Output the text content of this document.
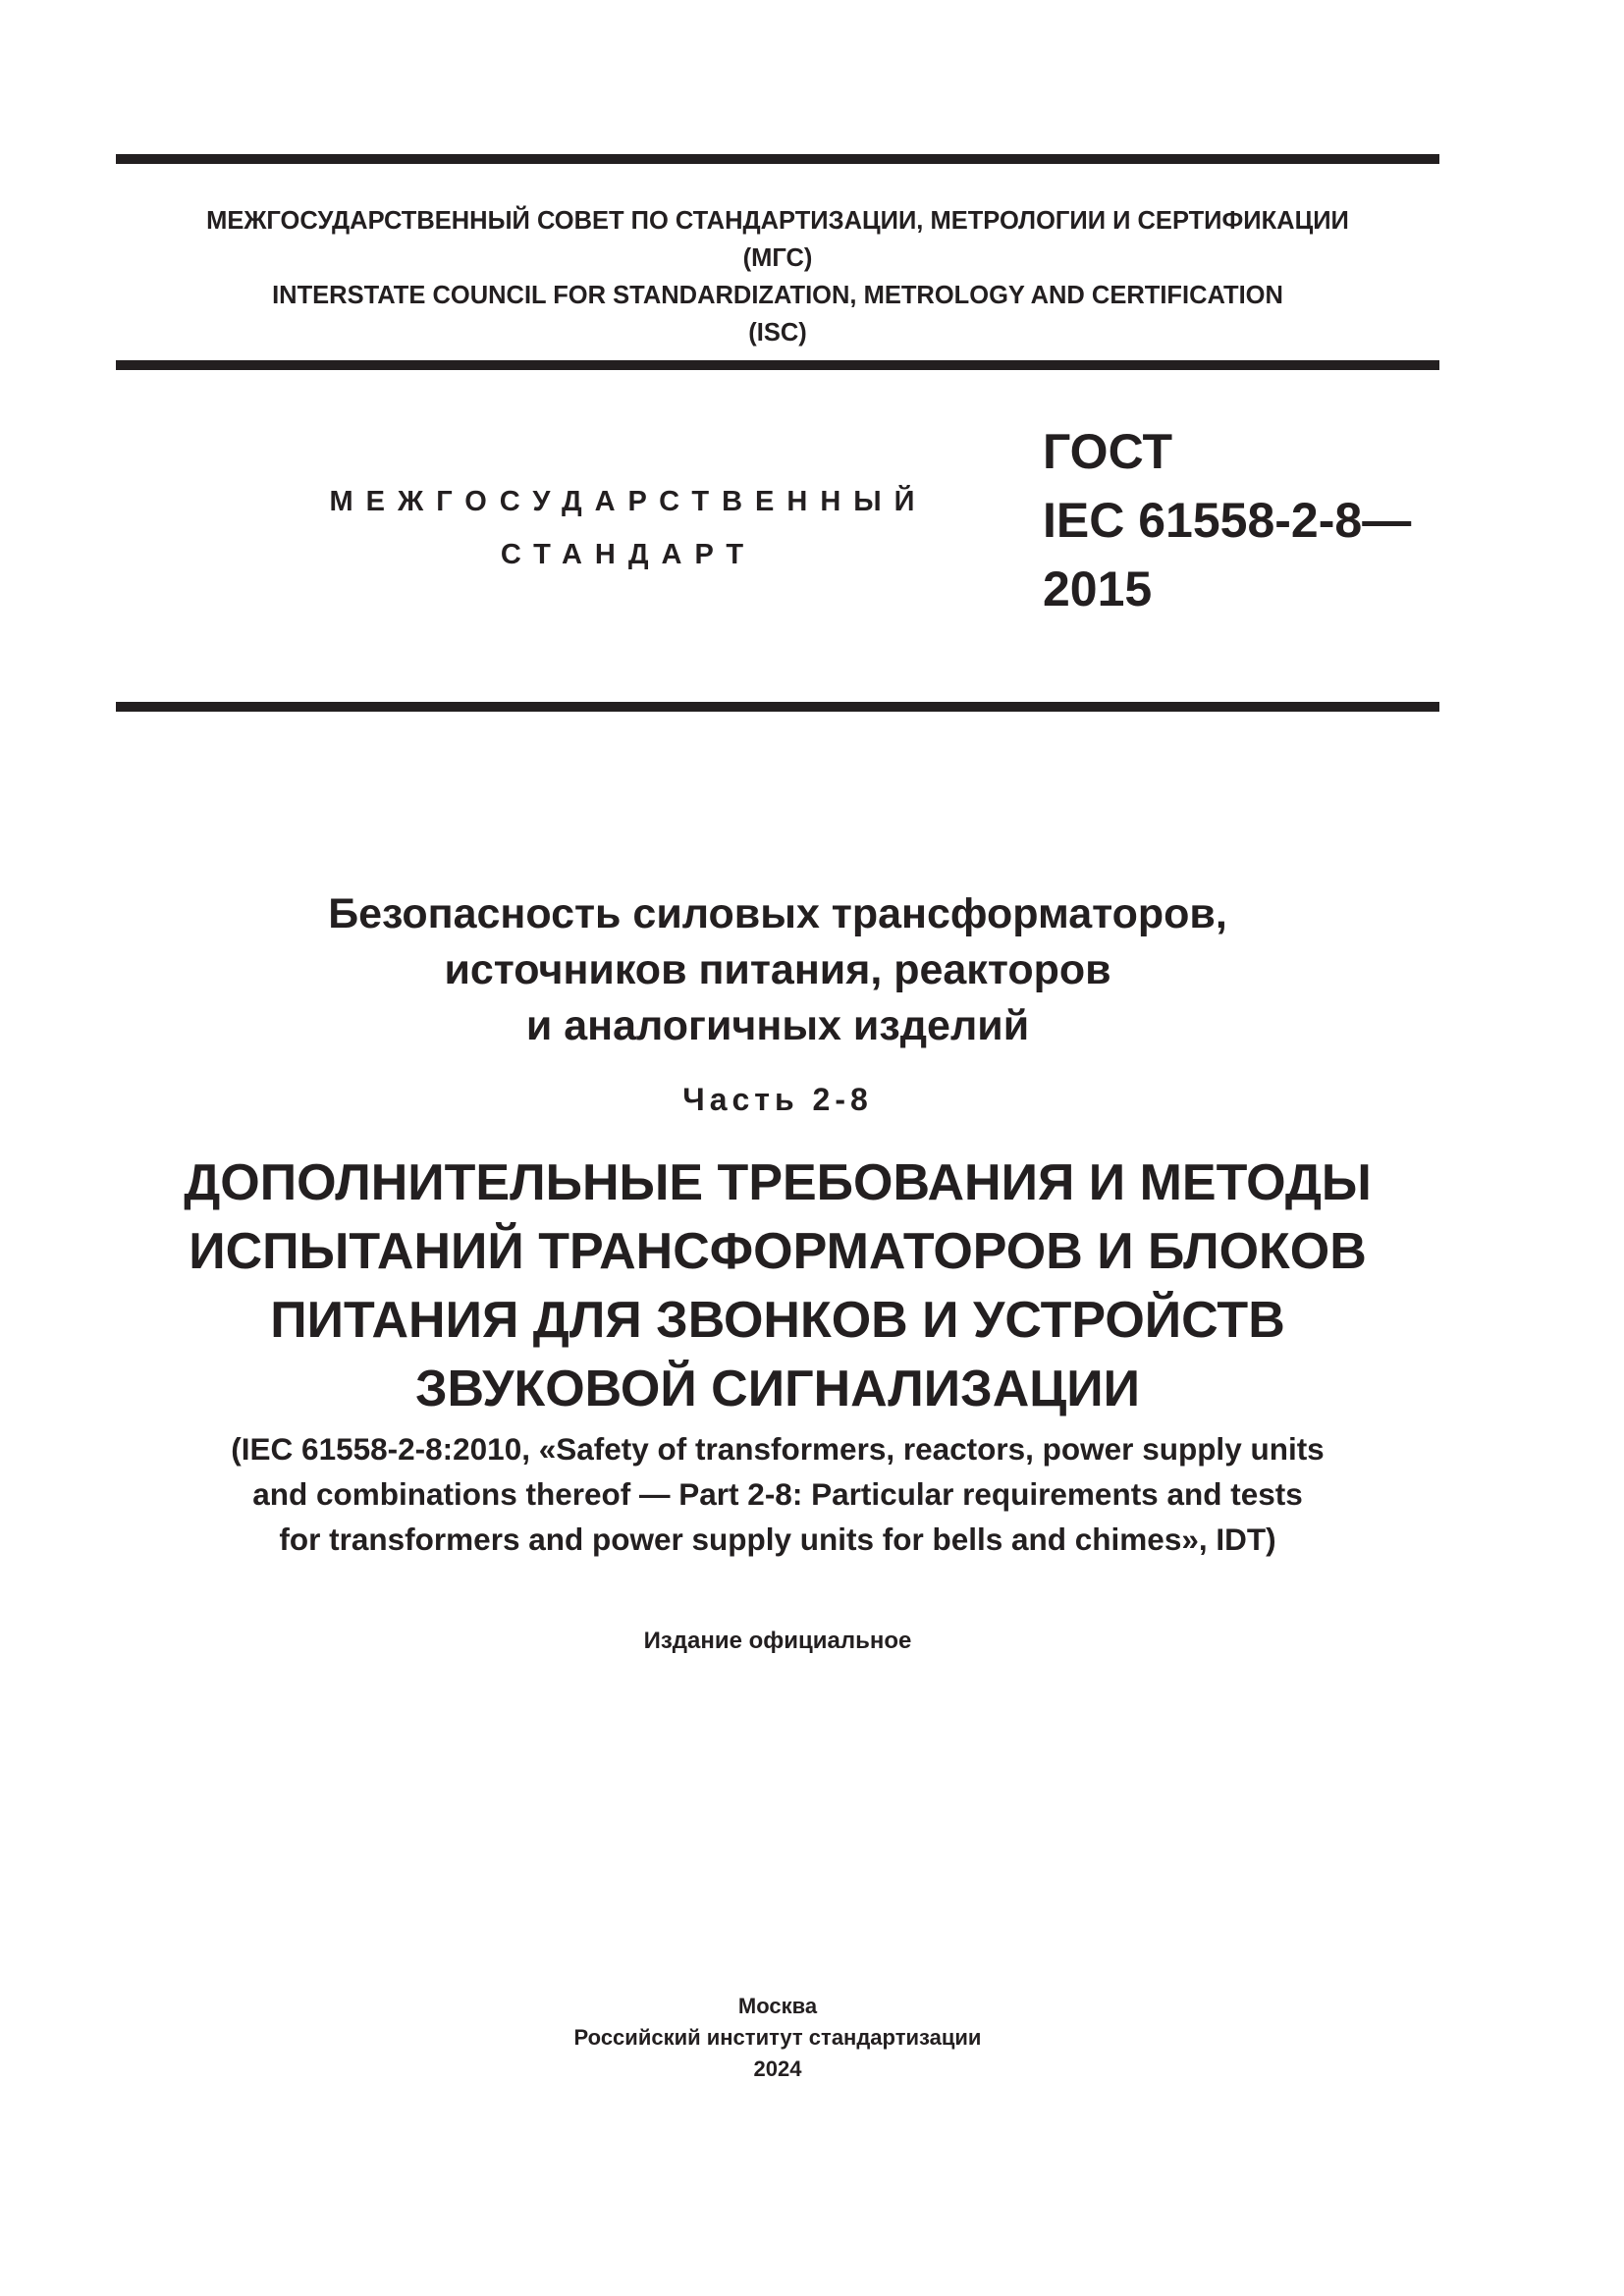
МЕЖГОСУДАРСТВЕННЫЙ СОВЕТ ПО СТАНДАРТИЗАЦИИ, МЕТРОЛОГИИ И СЕРТИФИКАЦИИ
(МГС)
INTERSTATE COUNCIL FOR STANDARDIZATION, METROLOGY AND CERTIFICATION
(ISC)
МЕЖГОСУДАРСТВЕННЫЙ
СТАНДАРТ
ГОСТ
IEC 61558-2-8—
2015
Безопасность силовых трансформаторов,
источников питания, реакторов
и аналогичных изделий
Часть 2-8
ДОПОЛНИТЕЛЬНЫЕ ТРЕБОВАНИЯ И МЕТОДЫ
ИСПЫТАНИЙ ТРАНСФОРМАТОРОВ И БЛОКОВ
ПИТАНИЯ ДЛЯ ЗВОНКОВ И УСТРОЙСТВ
ЗВУКОВОЙ СИГНАЛИЗАЦИИ
(IEC 61558-2-8:2010, «Safety of transformers, reactors, power supply units
and combinations thereof — Part 2-8: Particular requirements and tests
for transformers and power supply units for bells and chimes», IDT)
Издание официальное
Москва
Российский институт стандартизации
2024
